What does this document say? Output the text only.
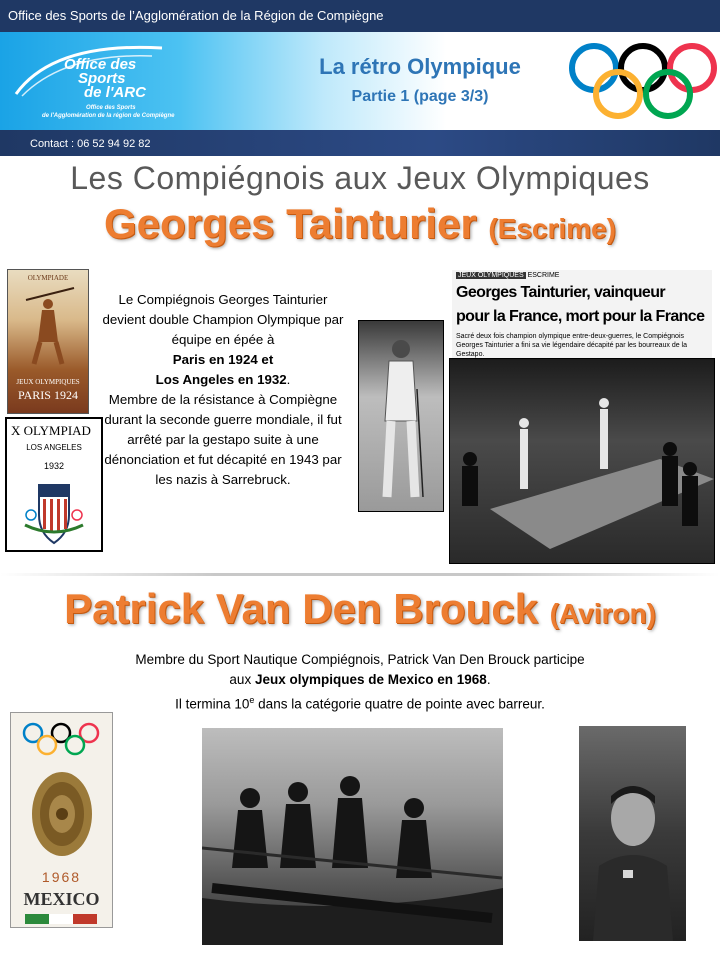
Office des Sports de l’Agglomération de la Région de Compiègne
Office des
Sports
de l'ARC
Office des Sports
de l'Agglomération de la région de Compiègne
La rétro Olympique
Partie 1 (page 3/3)
Contact : 06 52 94 92 82
Les Compiégnois aux Jeux Olympiques
Georges Tainturier (Escrime)
OLYMPIADE
JEUX OLYMPIQUES
PARIS 1924
X OLYMPIAD
LOS ANGELES
1932
Le Compiégnois Georges Tainturier devient double Champion Olympique par équipe en épée à
Paris en 1924 et
Los Angeles en 1932.
Membre de la résistance à Compiègne durant la seconde guerre mondiale, il fut arrêté par la gestapo suite à une dénonciation et fut décapité en 1943 par les nazis à Sarrebruck.
JEUX OLYMPIQUES ESCRIME
Georges Tainturier, vainqueur
pour la France, mort pour la France
Sacré deux fois champion olympique entre-deux-guerres, le Compiégnois Georges Tainturier a fini sa vie légendaire décapité par les bourreaux de la Gestapo.
Patrick Van Den Brouck (Aviron)
Membre du Sport Nautique Compiégnois, Patrick Van Den Brouck participe
aux Jeux olympiques de Mexico en 1968.
Il termina 10e dans la catégorie quatre de pointe avec barreur.
1968
MEXICO
